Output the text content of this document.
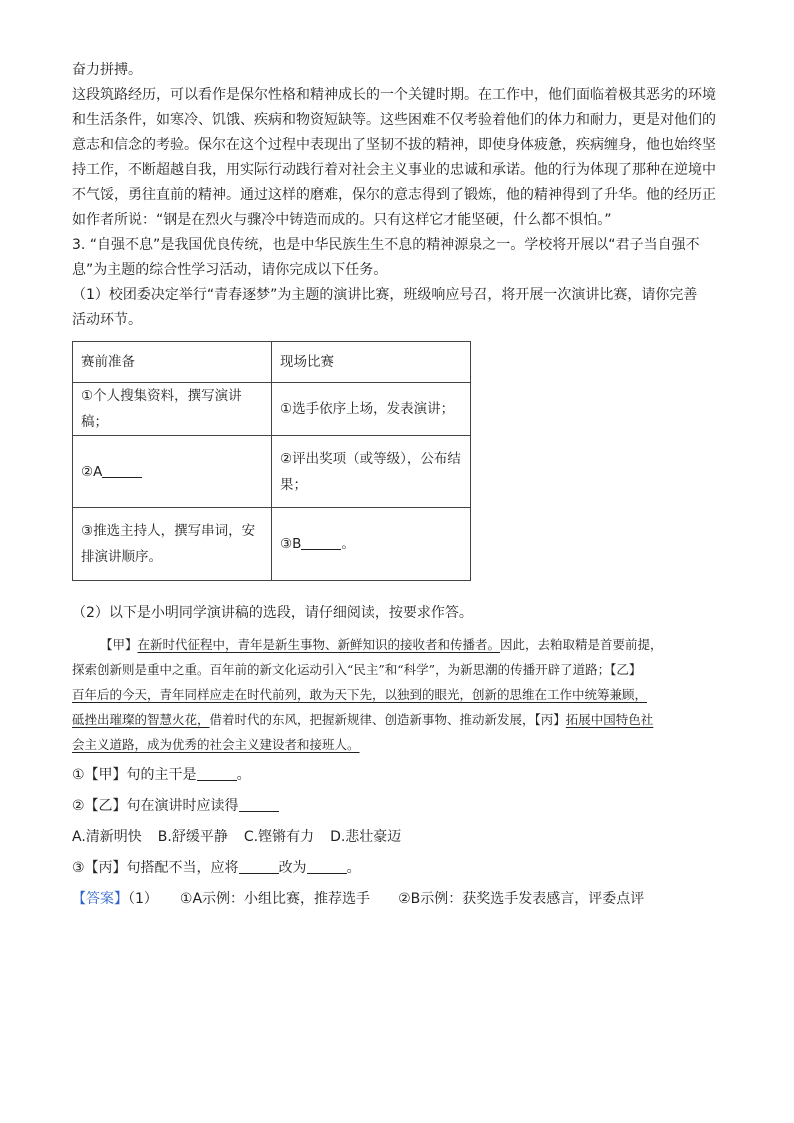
奋力拼搏。

这段筑路经历，可以看作是保尔性格和精神成长的一个关键时期。在工作中，他们面临着极其恶劣的环境

和生活条件，如寒冷、饥饿、疾病和物资短缺等。这些困难不仅考验着他们的体力和耐力，更是对他们的

意志和信念的考验。保尔在这个过程中表现出了坚韧不拔的精神，即使身体疲惫，疾病缠身，他也始终坚

持工作，不断超越自我，用实际行动践行着对社会主义事业的忠诚和承诺。他的行为体现了那种在逆境中

不气馁，勇往直前的精神。通过这样的磨难，保尔的意志得到了锻炼，他的精神得到了升华。他的经历正

如作者所说：“钢是在烈火与骤冷中铸造而成的。只有这样它才能坚硬，什么都不惧怕。”

3. “自强不息”是我国优良传统，也是中华民族生生不息的精神源泉之一。学校将开展以“君子当自强不

息”为主题的综合性学习活动，请你完成以下任务。

（1）校团委决定举行“青春逐梦”为主题的演讲比赛，班级响应号召，将开展一次演讲比赛，请你完善

活动环节。

赛前准备	现场比赛
①个人搜集资料，撰写演讲稿；	①选手依序上场，发表演讲；
②A	②评出奖项（或等级），公布结
果；

③推选主持人，撰写串词，安
排演讲顺序。	③B 。

（2）以下是小明同学演讲稿的选段，请仔细阅读，按要求作答。

【甲】在新时代征程中，青年是新生事物、新鲜知识的接收者和传播者。因此，去粕取精是首要前提，
探索创新则是重中之重。百年前的新文化运动引入“民主”和“科学”，为新思潮的传播开辟了道路；【乙】
百年后的今天，青年同样应走在时代前列，敢为天下先，以独到的眼光，创新的思维在工作中统筹兼顾，
砥挫出璀璨的智慧火花，借着时代的东风，把握新规律、创造新事物、推动新发展，【丙】拓展中国特色社
会主义道路，成为优秀的社会主义建设者和接班人。

①【甲】句的主干是	。

②【乙】句在演讲时应读得

A.清新明快 B.舒缓平静 C.铿锵有力 D.悲壮豪迈

③【丙】句搭配不当，应将	改为	。

【答案】（1） ①A示例：小组比赛，推荐选手 ②B示例：获奖选手发表感言，评委点评
